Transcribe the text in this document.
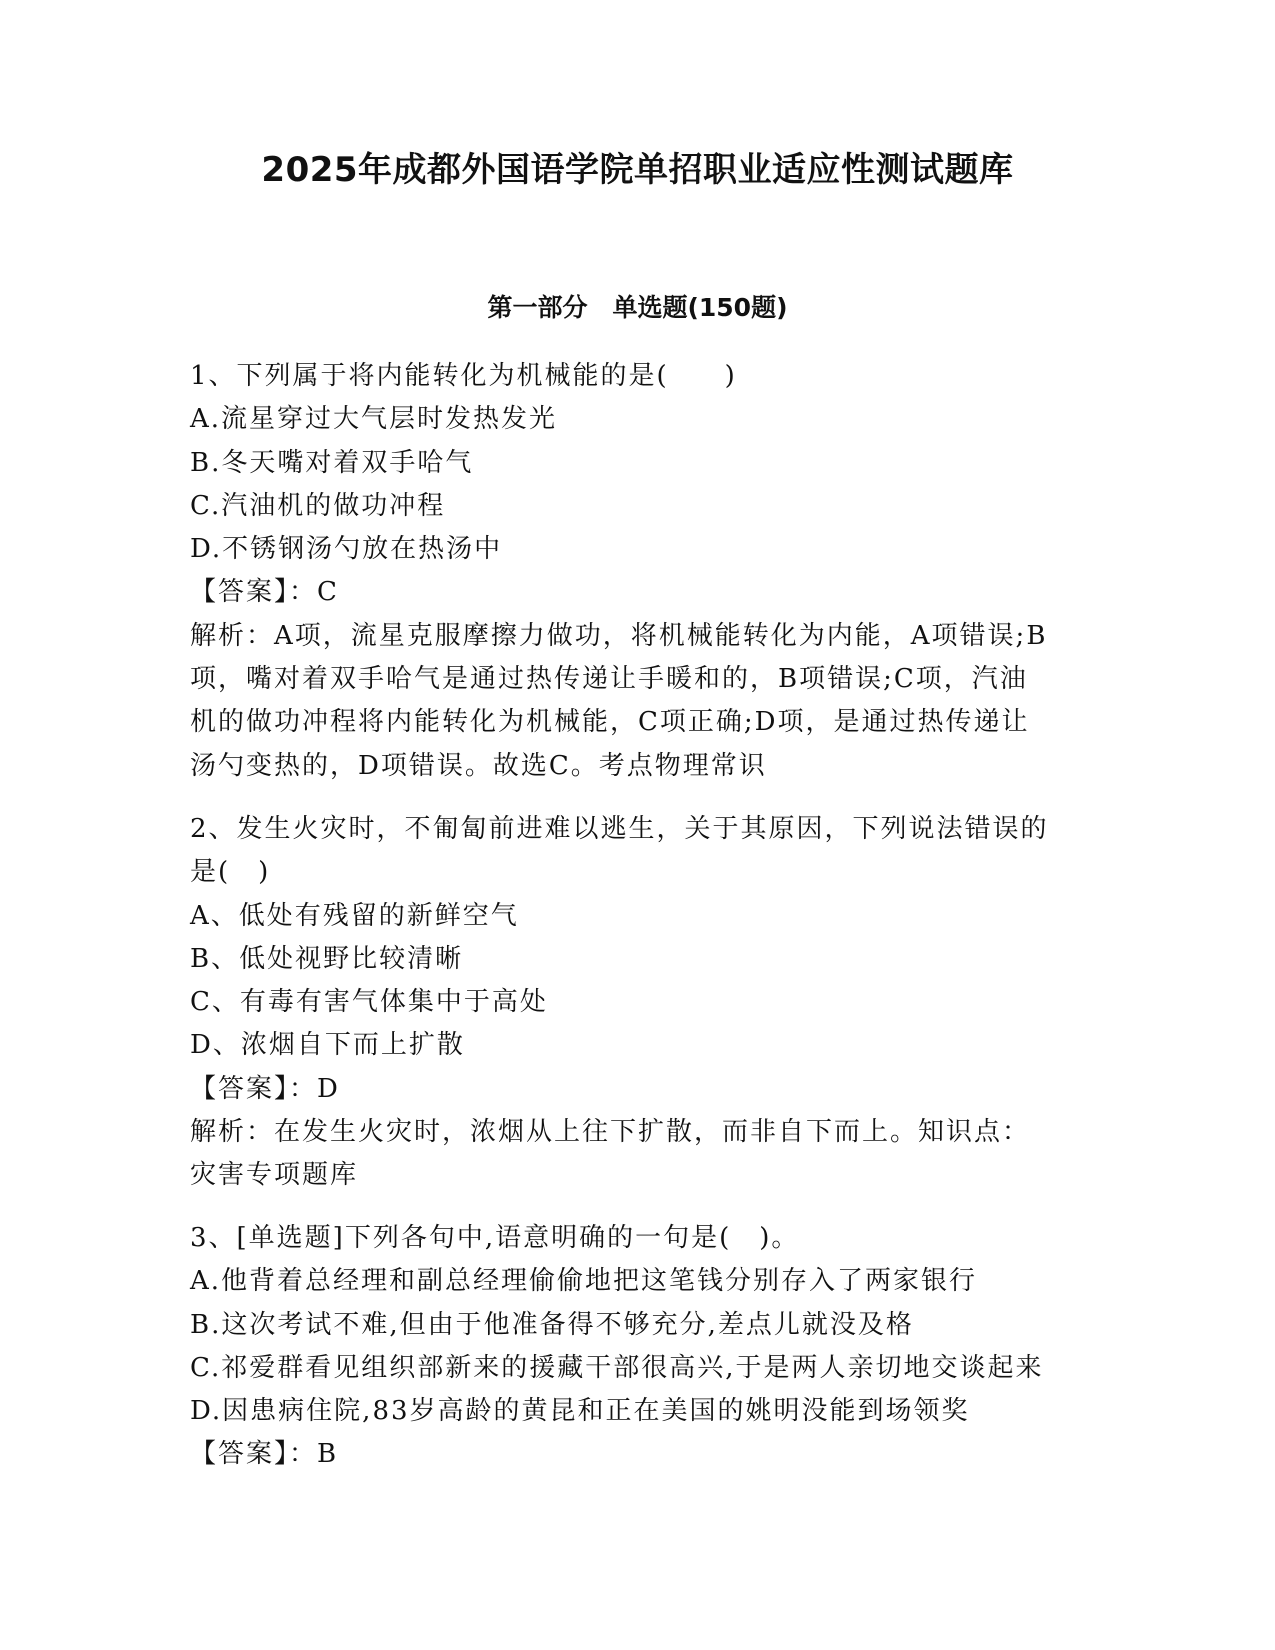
2025年成都外国语学院单招职业适应性测试题库
第一部分　单选题(150题)
1、下列属于将内能转化为机械能的是(　　)
A.流星穿过大气层时发热发光
B.冬天嘴对着双手哈气
C.汽油机的做功冲程
D.不锈钢汤勺放在热汤中
【答案】：C
解析：A项，流星克服摩擦力做功，将机械能转化为内能，A项错误;B
项，嘴对着双手哈气是通过热传递让手暖和的，B项错误;C项，汽油
机的做功冲程将内能转化为机械能，C项正确;D项，是通过热传递让
汤勺变热的，D项错误。故选C。考点物理常识
2、发生火灾时，不匍匐前进难以逃生，关于其原因，下列说法错误的
是(　)
A、低处有残留的新鲜空气
B、低处视野比较清晰
C、有毒有害气体集中于高处
D、浓烟自下而上扩散
【答案】：D
解析：在发生火灾时，浓烟从上往下扩散，而非自下而上。知识点：
灾害专项题库
3、[单选题]下列各句中,语意明确的一句是(　)。
A.他背着总经理和副总经理偷偷地把这笔钱分别存入了两家银行
B.这次考试不难,但由于他准备得不够充分,差点儿就没及格
C.祁爱群看见组织部新来的援藏干部很高兴,于是两人亲切地交谈起来
D.因患病住院,83岁高龄的黄昆和正在美国的姚明没能到场领奖
【答案】：B
